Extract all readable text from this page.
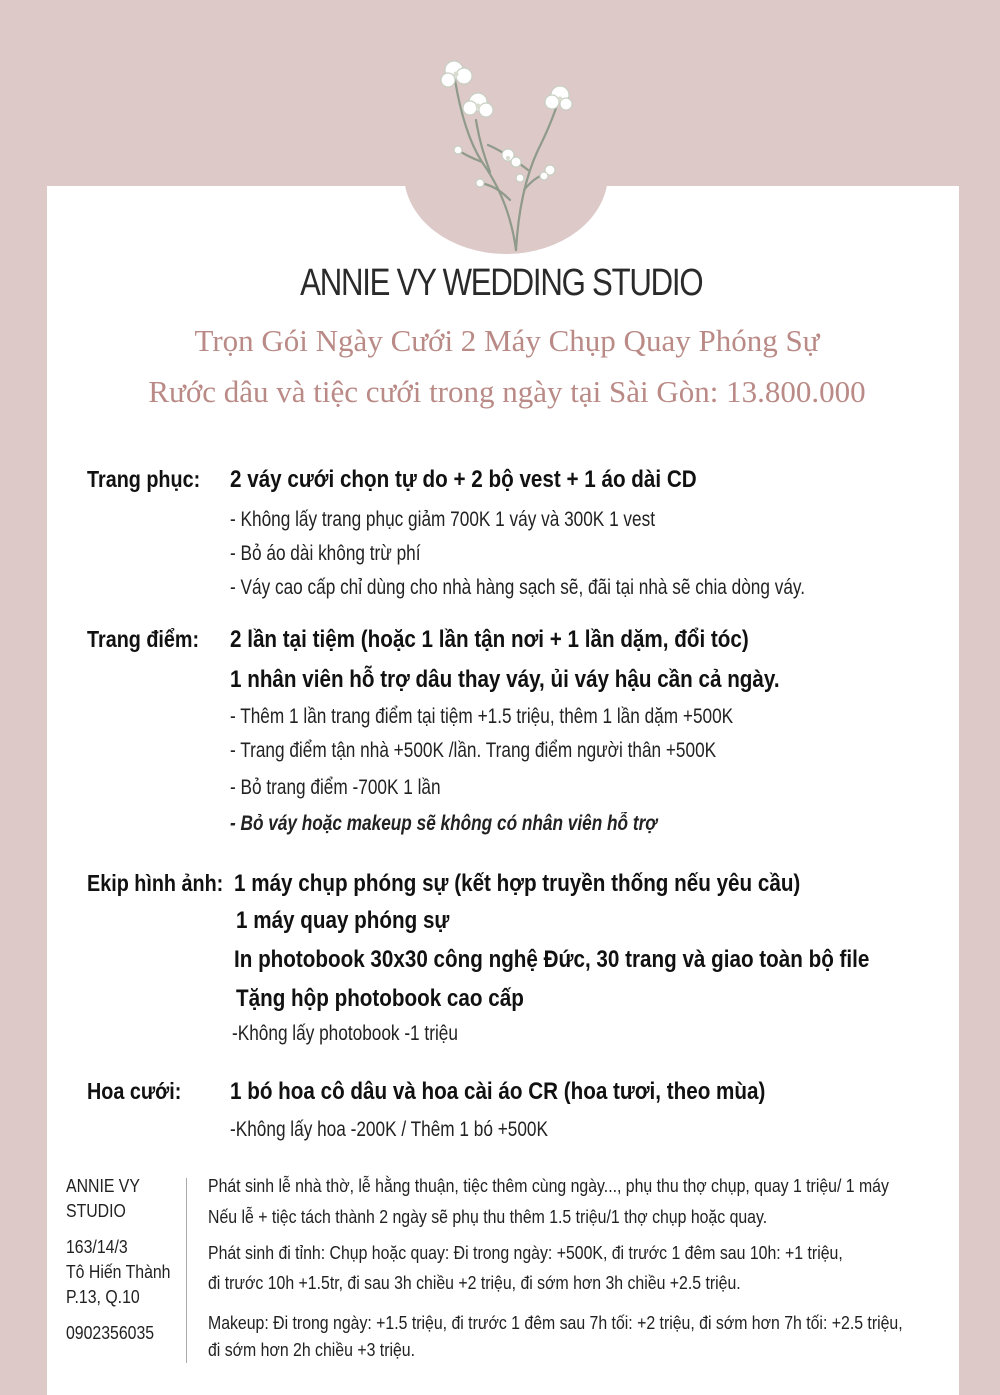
ANNIE VY WEDDING STUDIO
Trọn Gói Ngày Cưới 2 Máy Chụp Quay Phóng Sự
Rước dâu và tiệc cưới trong ngày tại Sài Gòn: 13.800.000
Trang phục: 2 váy cưới chọn tự do + 2 bộ vest + 1 áo dài CD
- Không lấy trang phục giảm 700K 1 váy và 300K 1 vest
- Bỏ áo dài không trừ phí
- Váy cao cấp chỉ dùng cho nhà hàng sạch sẽ, đãi tại nhà sẽ chia dòng váy.
Trang điểm: 2 lần tại tiệm (hoặc 1 lần tận nơi + 1 lần dặm, đổi tóc)
1 nhân viên hỗ trợ dâu thay váy, ủi váy hậu cần cả ngày.
- Thêm 1 lần trang điểm tại tiệm +1.5 triệu, thêm 1 lần dặm +500K
- Trang điểm tận nhà +500K /lần. Trang điểm người thân +500K
- Bỏ trang điểm -700K 1 lần
- Bỏ váy hoặc makeup sẽ không có nhân viên hỗ trợ
Ekip hình ảnh: 1 máy chụp phóng sự (kết hợp truyền thống nếu yêu cầu)
1 máy quay phóng sự
In photobook 30x30 công nghệ Đức, 30 trang và giao toàn bộ file
Tặng hộp photobook cao cấp
-Không lấy photobook -1 triệu
Hoa cưới: 1 bó hoa cô dâu và hoa cài áo CR (hoa tươi, theo mùa)
-Không lấy hoa -200K / Thêm 1 bó +500K
ANNIE VY
STUDIO
163/14/3
Tô Hiến Thành
P.13, Q.10
0902356035
Phát sinh lễ nhà thờ, lễ hằng thuận, tiệc thêm cùng ngày..., phụ thu thợ chụp, quay 1 triệu/ 1 máy
Nếu lễ + tiệc tách thành 2 ngày sẽ phụ thu thêm 1.5 triệu/1 thợ chụp hoặc quay.
Phát sinh đi tỉnh: Chụp hoặc quay: Đi trong ngày: +500K, đi trước 1 đêm sau 10h: +1 triệu,
đi trước 10h +1.5tr, đi sau 3h chiều +2 triệu, đi sớm hơn 3h chiều +2.5 triệu.
Makeup: Đi trong ngày: +1.5 triệu, đi trước 1 đêm sau 7h tối: +2 triệu, đi sớm hơn 7h tối: +2.5 triệu,
đi sớm hơn 2h chiều +3 triệu.
